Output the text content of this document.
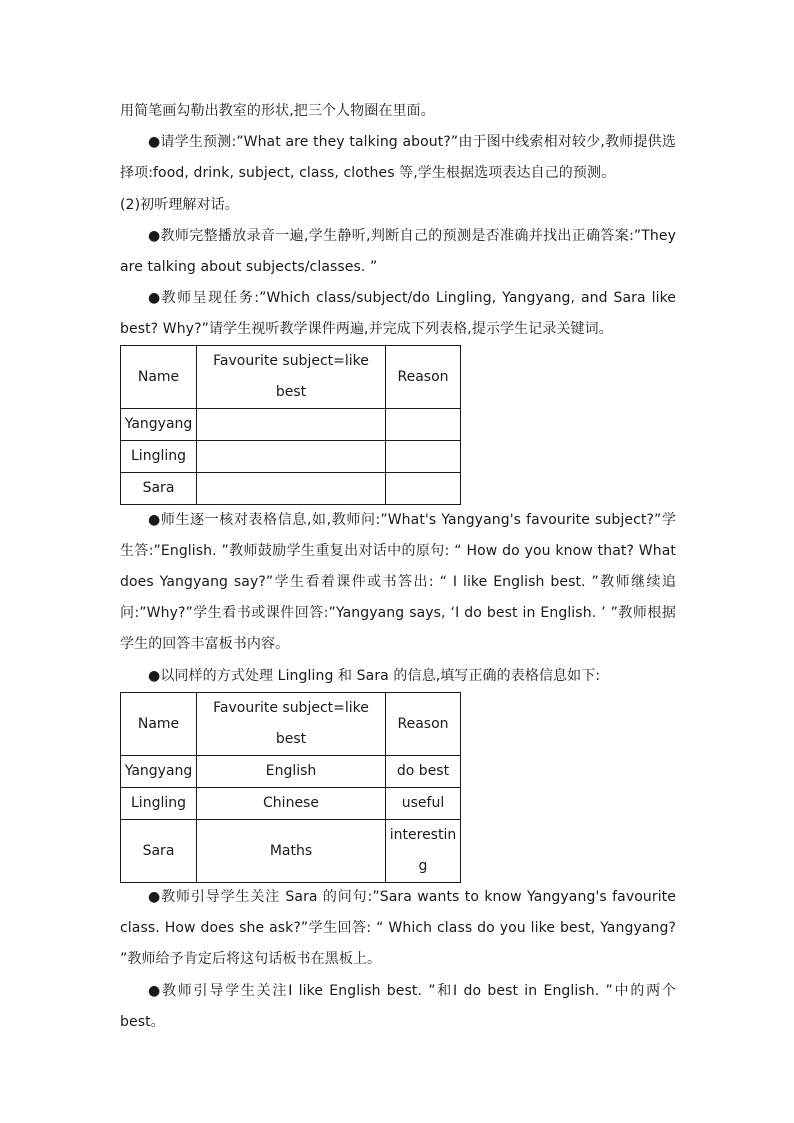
用简笔画勾勒出教室的形状,把三个人物圈在里面。

●请学生预测:”What are they talking about?”由于图中线索相对较少,教师提供选择项:food, drink, subject, class, clothes 等,学生根据选项表达自己的预测。

(2)初听理解对话。

●教师完整播放录音一遍,学生静听,判断自己的预测是否准确并找出正确答案:”They are talking about subjects/classes. ”

●教师呈现任务:”Which class/subject/do Lingling, Yangyang, and Sara like best? Why?”请学生视听教学课件两遍,并完成下列表格,提示学生记录关键词。

Name	Favourite subject=like best	Reason
Yangyang		
Lingling		
Sara		

●师生逐一核对表格信息,如,教师问:”What's Yangyang's favourite subject?”学生答:”English. ”教师鼓励学生重复出对话中的原句: “ How do you know that? What does Yangyang say?”学生看着课件或书答出: “ I like English best. ”教师继续追问:”Why?”学生看书或课件回答:”Yangyang says, ‘I do best in English. ’ ”教师根据学生的回答丰富板书内容。

●以同样的方式处理 Lingling 和 Sara 的信息,填写正确的表格信息如下:

Name	Favourite subject=like best	Reason
Yangyang	English	do best
Lingling	Chinese	useful
Sara	Maths	interesting

●教师引导学生关注 Sara 的问句:”Sara wants to know Yangyang's favourite class. How does she ask?”学生回答: “ Which class do you like best, Yangyang? ”教师给予肯定后将这句话板书在黑板上。

●教师引导学生关注I like English best. ”和I do best in English. ”中的两个 best。
